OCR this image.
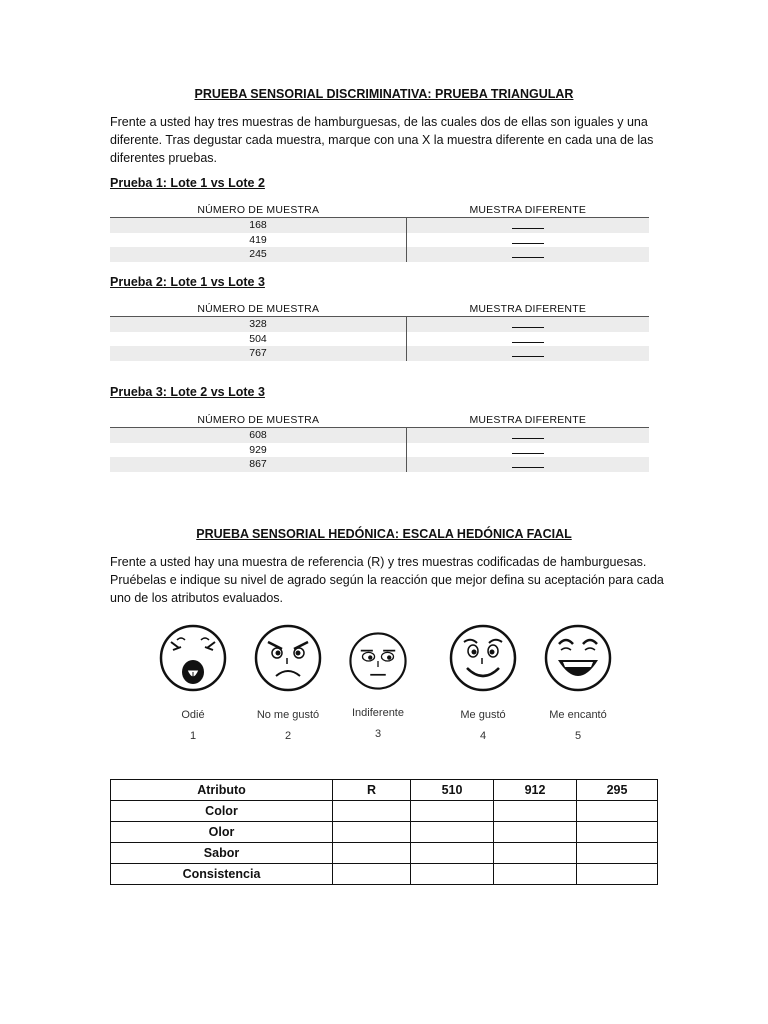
PRUEBA SENSORIAL DISCRIMINATIVA: PRUEBA TRIANGULAR
Frente a usted hay tres muestras de hamburguesas, de las cuales dos de ellas son iguales y una diferente. Tras degustar cada muestra, marque con una X la muestra diferente en cada una de las diferentes pruebas.
Prueba 1: Lote 1 vs Lote 2
NÚMERO DE MUESTRA	MUESTRA DIFERENTE
168	
419	
245	
Prueba 2: Lote 1 vs Lote 3
NÚMERO DE MUESTRA	MUESTRA DIFERENTE
328	
504	
767	
Prueba 3: Lote 2 vs Lote 3
NÚMERO DE MUESTRA	MUESTRA DIFERENTE
608	
929	
867	
PRUEBA SENSORIAL HEDÓNICA: ESCALA HEDÓNICA FACIAL
Frente a usted hay una muestra de referencia (R) y tres muestras codificadas de hamburguesas. Pruébelas e indique su nivel de agrado según la reacción que mejor defina su aceptación para cada uno de los atributos evaluados.
Odié
1
No me gustó
2
Indiferente
3
Me gustó
4
Me encantó
5
Atributo	R	510	912	295
Color				
Olor				
Sabor				
Consistencia				
